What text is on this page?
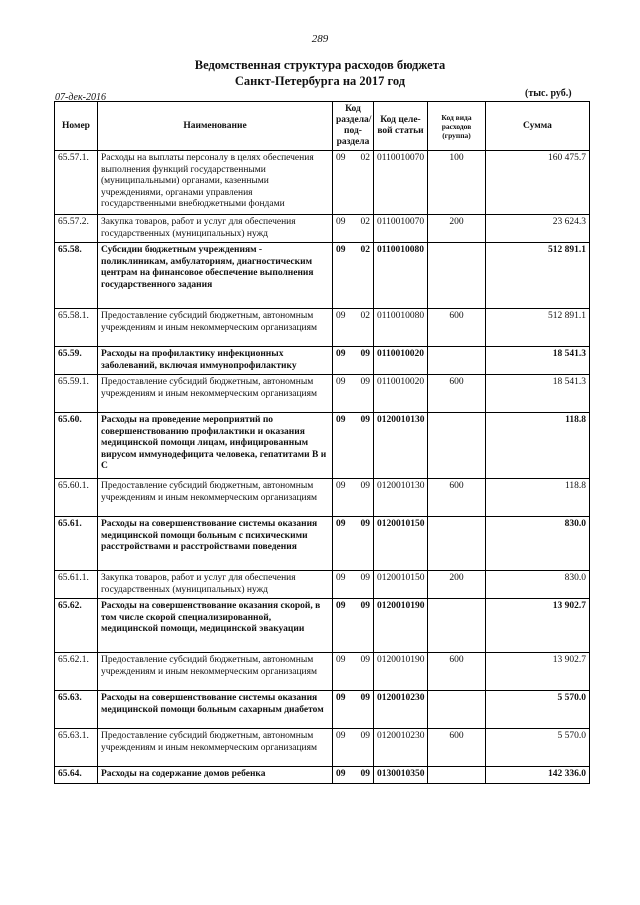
289
Ведомственная структура расходов бюджета
Санкт-Петербурга на 2017 год
07-дек-2016	(тыс. руб.)
Номер	Наименование	Код раздела/ под-раздела	Код целе-вой статьи	Код вида расходов (группа)	Сумма
65.57.1.	Расходы на выплаты персоналу в целях обеспечения выполнения функций государственными (муниципальными) органами, казенными учреждениями, органами управления государственными внебюджетными фондами	09 02	0110010070	100	160 475.7
65.57.2.	Закупка товаров, работ и услуг для обеспечения государственных (муниципальных) нужд	09 02	0110010070	200	23 624.3
65.58.	Субсидии бюджетным учреждениям - поликлиникам, амбулаториям, диагностическим центрам на финансовое обеспечение выполнения государственного задания	09 02	0110010080		512 891.1
65.58.1.	Предоставление субсидий бюджетным, автономным учреждениям и иным некоммерческим организациям	09 02	0110010080	600	512 891.1
65.59.	Расходы на профилактику инфекционных заболеваний, включая иммунопрофилактику	09 09	0110010020		18 541.3
65.59.1.	Предоставление субсидий бюджетным, автономным учреждениям и иным некоммерческим организациям	09 09	0110010020	600	18 541.3
65.60.	Расходы на проведение мероприятий по совершенствованию профилактики и оказания медицинской помощи лицам, инфицированным вирусом иммунодефицита человека, гепатитами В и С	09 09	0120010130		118.8
65.60.1.	Предоставление субсидий бюджетным, автономным учреждениям и иным некоммерческим организациям	09 09	0120010130	600	118.8
65.61.	Расходы на совершенствование системы оказания медицинской помощи больным с психическими расстройствами и расстройствами поведения	09 09	0120010150		830.0
65.61.1.	Закупка товаров, работ и услуг для обеспечения государственных (муниципальных) нужд	09 09	0120010150	200	830.0
65.62.	Расходы на совершенствование оказания скорой, в том числе скорой специализированной, медицинской помощи, медицинской эвакуации	09 09	0120010190		13 902.7
65.62.1.	Предоставление субсидий бюджетным, автономным учреждениям и иным некоммерческим организациям	09 09	0120010190	600	13 902.7
65.63.	Расходы на совершенствование системы оказания медицинской помощи больным сахарным диабетом	09 09	0120010230		5 570.0
65.63.1.	Предоставление субсидий бюджетным, автономным учреждениям и иным некоммерческим организациям	09 09	0120010230	600	5 570.0
65.64.	Расходы на содержание домов ребенка	09 09	0130010350		142 336.0
